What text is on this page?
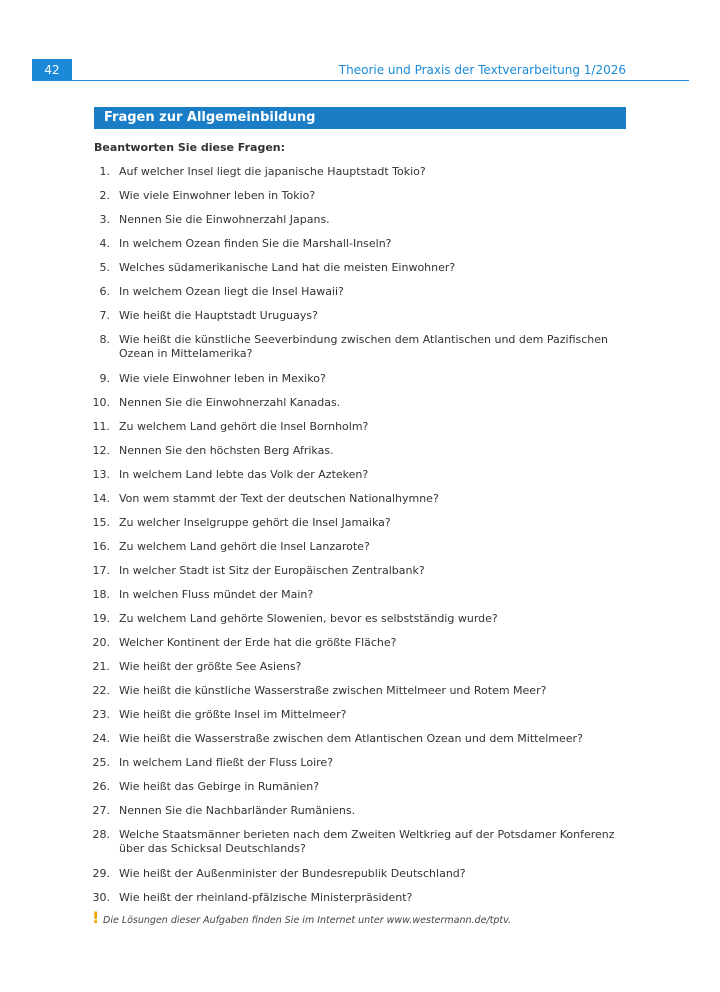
42	Theorie und Praxis der Textverarbeitung 1/2026
Fragen zur Allgemeinbildung
Beantworten Sie diese Fragen:
1. Auf welcher Insel liegt die japanische Hauptstadt Tokio?
2. Wie viele Einwohner leben in Tokio?
3. Nennen Sie die Einwohnerzahl Japans.
4. In welchem Ozean finden Sie die Marshall-Inseln?
5. Welches südamerikanische Land hat die meisten Einwohner?
6. In welchem Ozean liegt die Insel Hawaii?
7. Wie heißt die Hauptstadt Uruguays?
8. Wie heißt die künstliche Seeverbindung zwischen dem Atlantischen und dem Pazifischen Ozean in Mittelamerika?
9. Wie viele Einwohner leben in Mexiko?
10. Nennen Sie die Einwohnerzahl Kanadas.
11. Zu welchem Land gehört die Insel Bornholm?
12. Nennen Sie den höchsten Berg Afrikas.
13. In welchem Land lebte das Volk der Azteken?
14. Von wem stammt der Text der deutschen Nationalhymne?
15. Zu welcher Inselgruppe gehört die Insel Jamaika?
16. Zu welchem Land gehört die Insel Lanzarote?
17. In welcher Stadt ist Sitz der Europäischen Zentralbank?
18. In welchen Fluss mündet der Main?
19. Zu welchem Land gehörte Slowenien, bevor es selbstständig wurde?
20. Welcher Kontinent der Erde hat die größte Fläche?
21. Wie heißt der größte See Asiens?
22. Wie heißt die künstliche Wasserstraße zwischen Mittelmeer und Rotem Meer?
23. Wie heißt die größte Insel im Mittelmeer?
24. Wie heißt die Wasserstraße zwischen dem Atlantischen Ozean und dem Mittelmeer?
25. In welchem Land fließt der Fluss Loire?
26. Wie heißt das Gebirge in Rumänien?
27. Nennen Sie die Nachbarländer Rumäniens.
28. Welche Staatsmänner berieten nach dem Zweiten Weltkrieg auf der Potsdamer Konferenz über das Schicksal Deutschlands?
29. Wie heißt der Außenminister der Bundesrepublik Deutschland?
30. Wie heißt der rheinland-pfälzische Ministerpräsident?
! Die Lösungen dieser Aufgaben finden Sie im Internet unter www.westermann.de/tptv.
